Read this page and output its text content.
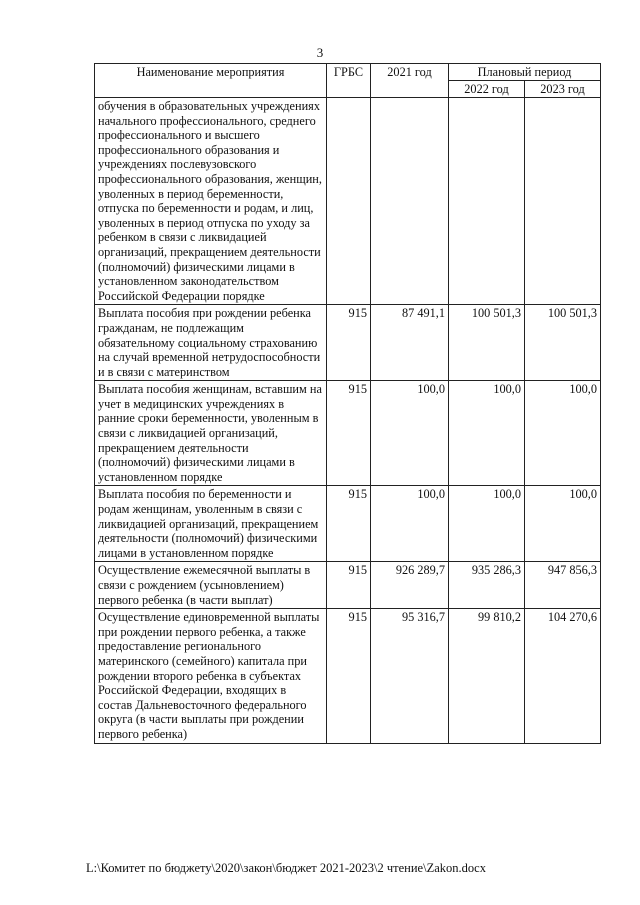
3
Наименование мероприятия	ГРБС	2021 год	Плановый период	
			2022 год	2023 год
обучения в образовательных учреждениях начального профессионального, среднего профессионального и высшего профессионального образования и учреждениях послевузовского профессионального образования, женщин, уволенных в период беременности, отпуска по беременности и родам, и лиц, уволенных в период отпуска по уходу за ребенком в связи с ликвидацией организаций, прекращением деятельности (полномочий) физическими лицами в установленном законодательством Российской Федерации порядке				
Выплата пособия при рождении ребенка гражданам, не подлежащим обязательному социальному страхованию на случай временной нетрудоспособности и в связи с материнством	915	87 491,1	100 501,3	100 501,3
Выплата пособия женщинам, вставшим на учет в медицинских учреждениях в ранние сроки беременности, уволенным в связи с ликвидацией организаций, прекращением деятельности (полномочий) физическими лицами в установленном порядке	915	100,0	100,0	100,0
Выплата пособия по беременности и родам женщинам, уволенным в связи с ликвидацией организаций, прекращением деятельности (полномочий) физическими лицами в установленном порядке	915	100,0	100,0	100,0
Осуществление ежемесячной выплаты в связи с рождением (усыновлением) первого ребенка (в части выплат)	915	926 289,7	935 286,3	947 856,3
Осуществление единовременной выплаты при рождении первого ребенка, а также предоставление регионального материнского (семейного) капитала при рождении второго ребенка в субъектах Российской Федерации, входящих в состав Дальневосточного федерального округа (в части выплаты при рождении первого ребенка)	915	95 316,7	99 810,2	104 270,6
L:\Комитет по бюджету\2020\закон\бюджет 2021-2023\2 чтение\Zakon.docx
